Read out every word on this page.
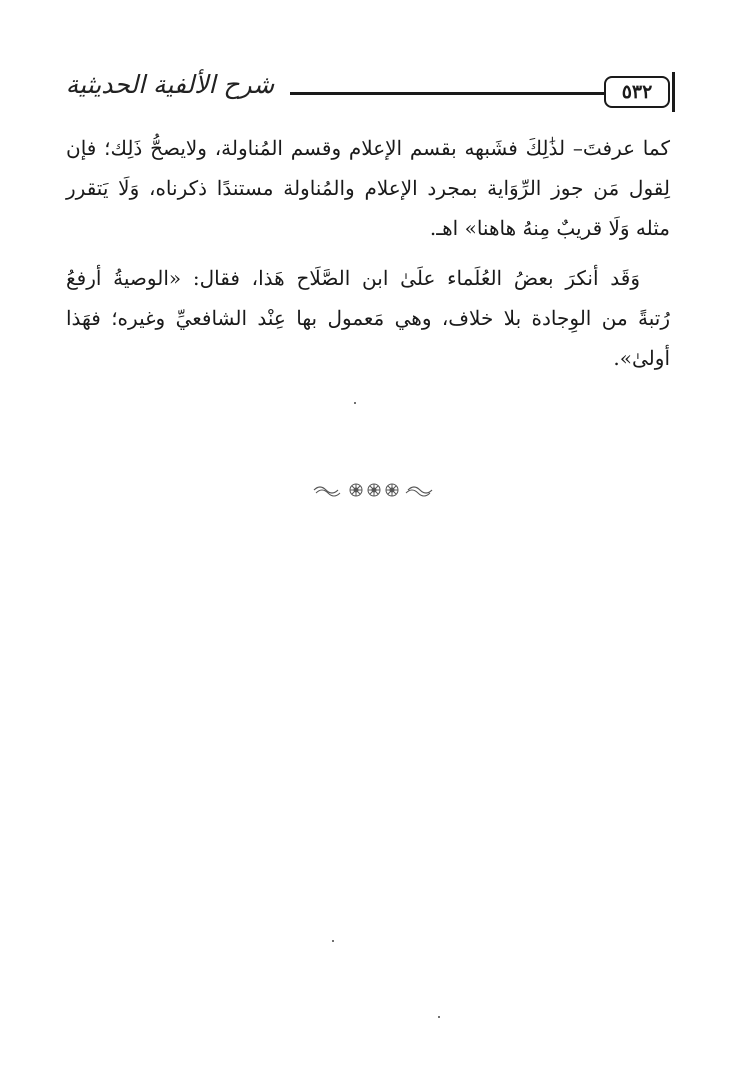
شرح الألفية الحديثية	٥٣٢
كما عرفتَ– لذَٰلِكَ فشَبهه بقسم الإعلام وقسم المُناولة، ولايصحُّ ذَلِك؛ فإن
لِقول مَن جوز الرِّوَاية بمجرد الإعلام والمُناولة مستندًا ذكرناه، وَلَا يَتقرر
مثله وَلَا قريبٌ مِنهُ هاهنا» اهـ.
وَقَد أنكرَ بعضُ العُلَماء علَىٰ ابن الصَّلَاح هَذا، فقال: «الوصيةُ أرفعُ
رُتبةً من الوِجادة بلا خلاف، وهي مَعمول بها عِنْد الشافعيِّ وغيره؛ فهَذا
أولىٰ».
